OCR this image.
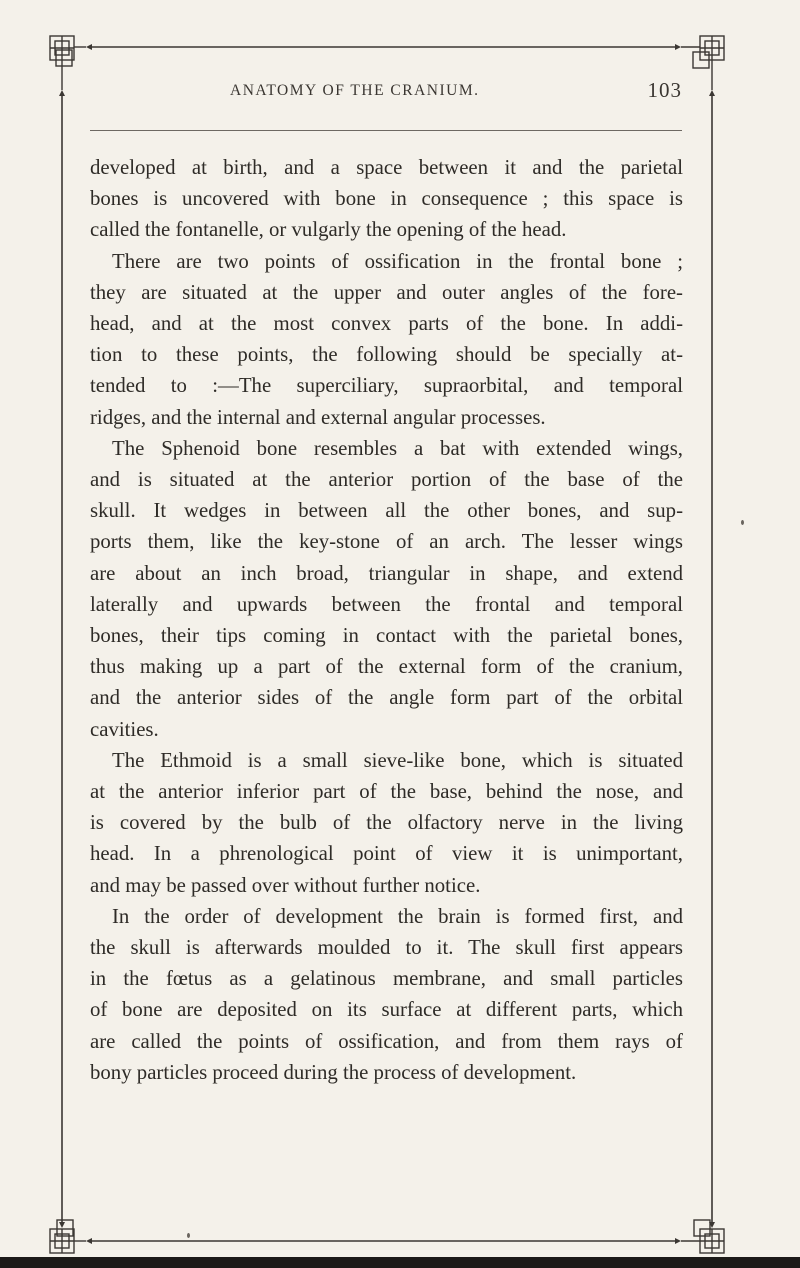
ANATOMY OF THE CRANIUM.	103
developed at birth, and a space between it and the parietal
bones is uncovered with bone in consequence ; this space is
called the fontanelle, or vulgarly the opening of the head.
There are two points of ossification in the frontal bone ;
they are situated at the upper and outer angles of the fore-
head, and at the most convex parts of the bone. In addi-
tion to these points, the following should be specially at-
tended to :—The superciliary, supraorbital, and temporal
ridges, and the internal and external angular processes.
The Sphenoid bone resembles a bat with extended wings,
and is situated at the anterior portion of the base of the
skull. It wedges in between all the other bones, and sup-
ports them, like the key-stone of an arch. The lesser wings
are about an inch broad, triangular in shape, and extend
laterally and upwards between the frontal and temporal
bones, their tips coming in contact with the parietal bones,
thus making up a part of the external form of the cranium,
and the anterior sides of the angle form part of the orbital
cavities.
The Ethmoid is a small sieve-like bone, which is situated
at the anterior inferior part of the base, behind the nose, and
is covered by the bulb of the olfactory nerve in the living
head. In a phrenological point of view it is unimportant,
and may be passed over without further notice.
In the order of development the brain is formed first, and
the skull is afterwards moulded to it. The skull first appears
in the fœtus as a gelatinous membrane, and small particles
of bone are deposited on its surface at different parts, which
are called the points of ossification, and from them rays of
bony particles proceed during the process of development.
